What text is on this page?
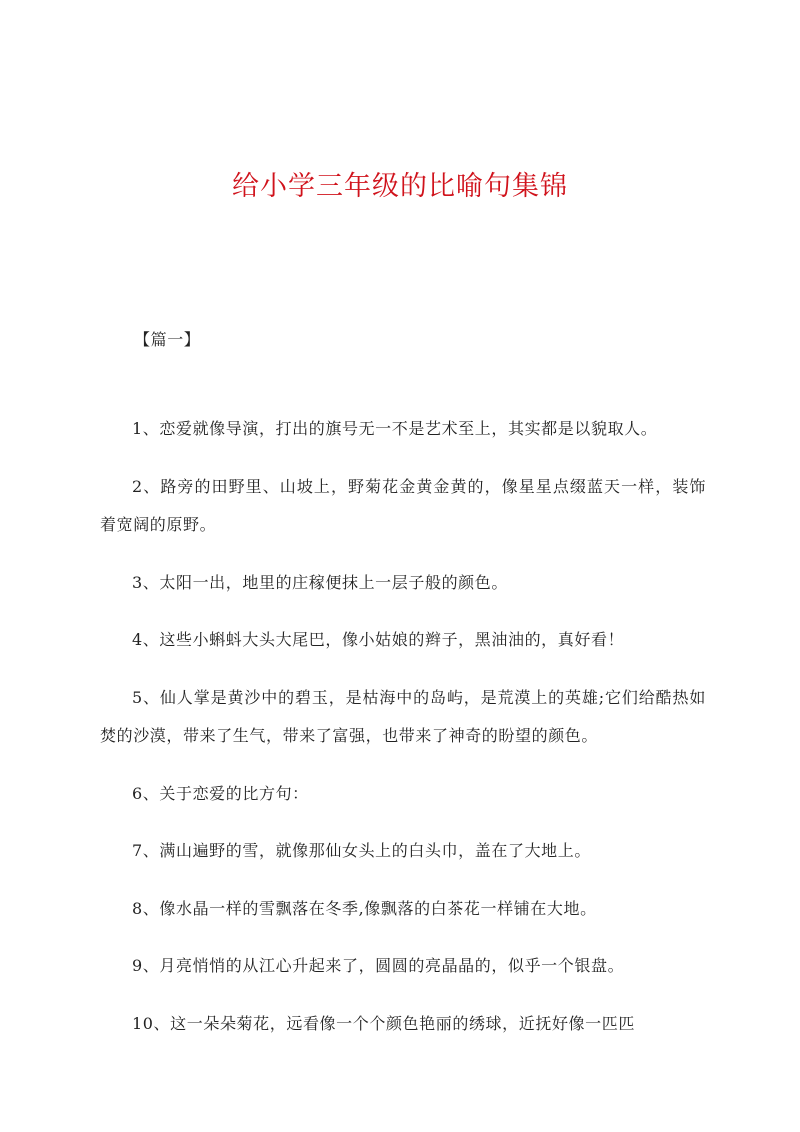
给小学三年级的比喻句集锦

【篇一】

1、恋爱就像导演，打出的旗号无一不是艺术至上，其实都是以貌取人。

2、路旁的田野里、山坡上，野菊花金黄金黄的，像星星点缀蓝天一样，装饰着宽阔的原野。

3、太阳一出，地里的庄稼便抹上一层子般的颜色。

4、这些小蝌蚪大头大尾巴，像小姑娘的辫子，黑油油的，真好看！

5、仙人掌是黄沙中的碧玉，是枯海中的岛屿，是荒漠上的英雄;它们给酷热如焚的沙漠，带来了生气，带来了富强，也带来了神奇的盼望的颜色。

6、关于恋爱的比方句：

7、满山遍野的雪，就像那仙女头上的白头巾，盖在了大地上。

8、像水晶一样的雪飘落在冬季,像飘落的白茶花一样铺在大地。

9、月亮悄悄的从江心升起来了，圆圆的亮晶晶的，似乎一个银盘。

10、这一朵朵菊花，远看像一个个颜色艳丽的绣球，近抚好像一匹匹
